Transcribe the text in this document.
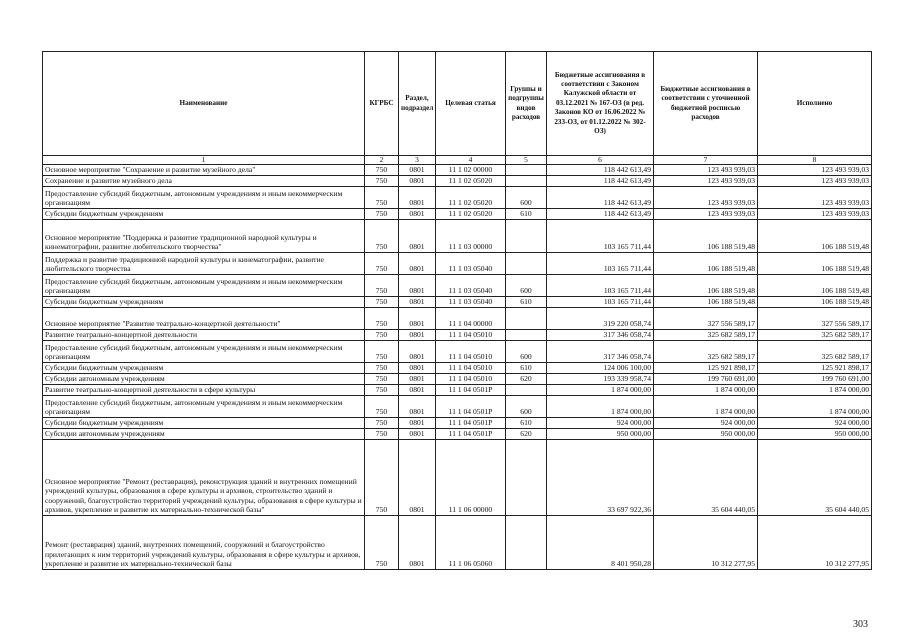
Наименование	КГРБС	Раздел, подраздел	Целевая статья	Группы и подгруппы видов расходов	Бюджетные ассигнования в соответствии с Законом Калужской области от 03.12.2021 № 167-ОЗ (в ред. Законов КО от 16.06.2022 № 233-ОЗ, от 01.12.2022 № 302-ОЗ)	Бюджетные ассигнования в соответствии с уточненной бюджетной росписью расходов	Исполнено
1	2	3	4	5	6	7	8
Основное мероприятие "Сохранение и развитие музейного дела"	750	0801	11 1 02 00000		118 442 613,49	123 493 939,03	123 493 939,03
Сохранение и развитие музейного дела	750	0801	11 1 02 05020		118 442 613,49	123 493 939,03	123 493 939,03
Предоставление субсидий бюджетным, автономным учреждениям и иным некоммерческим организациям	750	0801	11 1 02 05020	600	118 442 613,49	123 493 939,03	123 493 939,03
Субсидии бюджетным учреждениям	750	0801	11 1 02 05020	610	118 442 613,49	123 493 939,03	123 493 939,03
Основное мероприятие "Поддержка и развитие традиционной народной культуры и кинематографии, развитие любительского творчества"	750	0801	11 1 03 00000		103 165 711,44	106 188 519,48	106 188 519,48
Поддержка и развитие традиционной народной культуры и кинематографии, развитие любительского творчества	750	0801	11 1 03 05040		103 165 711,44	106 188 519,48	106 188 519,48
Предоставление субсидий бюджетным, автономным учреждениям и иным некоммерческим организациям	750	0801	11 1 03 05040	600	103 165 711,44	106 188 519,48	106 188 519,48
Субсидии бюджетным учреждениям	750	0801	11 1 03 05040	610	103 165 711,44	106 188 519,48	106 188 519,48
Основное мероприятие "Развитие театрально-концертной деятельности"	750	0801	11 1 04 00000		319 220 058,74	327 556 589,17	327 556 589,17
Развитие театрально-концертной деятельности	750	0801	11 1 04 05010		317 346 058,74	325 682 589,17	325 682 589,17
Предоставление субсидий бюджетным, автономным учреждениям и иным некоммерческим организациям	750	0801	11 1 04 05010	600	317 346 058,74	325 682 589,17	325 682 589,17
Субсидии бюджетным учреждениям	750	0801	11 1 04 05010	610	124 006 100,00	125 921 898,17	125 921 898,17
Субсидии автономным учреждениям	750	0801	11 1 04 05010	620	193 339 958,74	199 760 691,00	199 760 691,00
Развитие театрально-концертной деятельности в сфере культуры	750	0801	11 1 04 0501Р		1 874 000,00	1 874 000,00	1 874 000,00
Предоставление субсидий бюджетным, автономным учреждениям и иным некоммерческим организациям	750	0801	11 1 04 0501Р	600	1 874 000,00	1 874 000,00	1 874 000,00
Субсидии бюджетным учреждениям	750	0801	11 1 04 0501Р	610	924 000,00	924 000,00	924 000,00
Субсидии автономным учреждениям	750	0801	11 1 04 0501Р	620	950 000,00	950 000,00	950 000,00
Основное мероприятие "Ремонт (реставрация), реконструкция зданий и внутренних помещений учреждений культуры, образования в сфере культуры и архивов, строительство зданий и сооружений, благоустройство территорий учреждений культуры, образования в сфере культуры и архивов, укрепление и развитие их материально-технической базы"	750	0801	11 1 06 00000		33 697 922,36	35 604 440,05	35 604 440,05
Ремонт (реставрация) зданий, внутренних помещений, сооружений и благоустройство прилегающих к ним территорий учреждений культуры, образования в сфере культуры и архивов, укрепление и развитие их материально-технической базы	750	0801	11 1 06 05060		8 401 950,28	10 312 277,95	10 312 277,95
303
